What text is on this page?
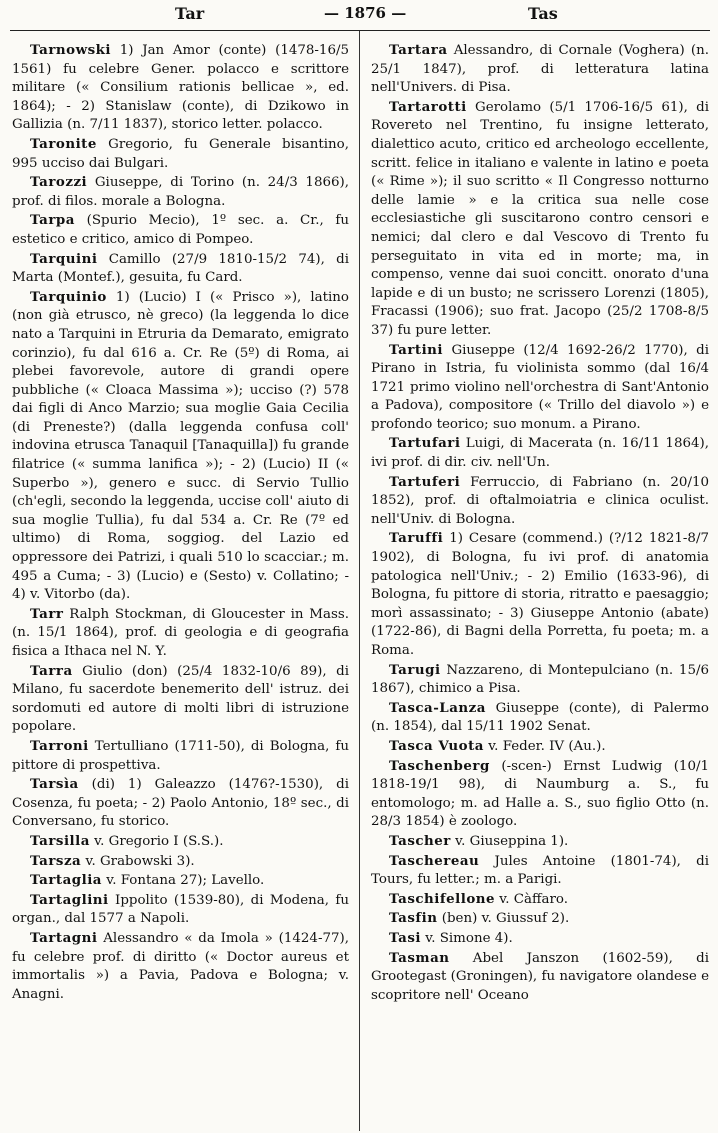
Tar	— 1876 —	Tas

Tarnowski 1) Jan Amor (conte) (1478-16/5 1561) fu celebre Gener. polacco e scrittore militare (« Consilium rationis bellicae », ed. 1864); - 2) Stanislaw (conte), di Dzikowo in Gallizia (n. 7/11 1837), storico letter. polacco.

Taronite Gregorio, fu Generale bisantino, 995 ucciso dai Bulgari.

Tarozzi Giuseppe, di Torino (n. 24/3 1866), prof. di filos. morale a Bologna.

Tarpa (Spurio Mecio), 1º sec. a. Cr., fu estetico e critico, amico di Pompeo.

Tarquini Camillo (27/9 1810-15/2 74), di Marta (Montef.), gesuita, fu Card.

Tarquinio 1) (Lucio) I (« Prisco »), latino (non già etrusco, nè greco) (la leggenda lo dice nato a Tarquini in Etruria da Demarato, emigrato corinzio), fu dal 616 a. Cr. Re (5º) di Roma, ai plebei favorevole, autore di grandi opere pubbliche (« Cloaca Massima »); ucciso (?) 578 dai figli di Anco Marzio; sua moglie Gaia Cecilia (di Preneste?) (dalla leggenda confusa coll' indovina etrusca Tanaquil [Tanaquilla]) fu grande filatrice (« summa lanifica »); - 2) (Lucio) II (« Superbo »), genero e succ. di Servio Tullio (ch'egli, secondo la leggenda, uccise coll' aiuto di sua moglie Tullia), fu dal 534 a. Cr. Re (7º ed ultimo) di Roma, soggiog. del Lazio ed oppressore dei Patrizi, i quali 510 lo scacciar.; m. 495 a Cuma; - 3) (Lucio) e (Sesto) v. Collatino; - 4) v. Vitorbo (da).

Tarr Ralph Stockman, di Gloucester in Mass. (n. 15/1 1864), prof. di geologia e di geografia fisica a Ithaca nel N. Y.

Tarra Giulio (don) (25/4 1832-10/6 89), di Milano, fu sacerdote benemerito dell' istruz. dei sordomuti ed autore di molti libri di istruzione popolare.

Tarroni Tertulliano (1711-50), di Bologna, fu pittore di prospettiva.

Tarsìa (di) 1) Galeazzo (1476?-1530), di Cosenza, fu poeta; - 2) Paolo Antonio, 18º sec., di Conversano, fu storico.

Tarsilla v. Gregorio I (S.S.).

Tarsza v. Grabowski 3).

Tartaglia v. Fontana 27); Lavello.

Tartaglini Ippolito (1539-80), di Modena, fu organ., dal 1577 a Napoli.

Tartagni Alessandro « da Imola » (1424-77), fu celebre prof. di diritto (« Doctor aureus et immortalis ») a Pavia, Padova e Bologna; v. Anagni.

Tartara Alessandro, di Cornale (Voghera) (n. 25/1 1847), prof. di letteratura latina nell'Univers. di Pisa.

Tartarotti Gerolamo (5/1 1706-16/5 61), di Rovereto nel Trentino, fu insigne letterato, dialettico acuto, critico ed archeologo eccellente, scritt. felice in italiano e valente in latino e poeta (« Rime »); il suo scritto « Il Congresso notturno delle lamie » e la critica sua nelle cose ecclesiastiche gli suscitarono contro censori e nemici; dal clero e dal Vescovo di Trento fu perseguitato in vita ed in morte; ma, in compenso, venne dai suoi concitt. onorato d'una lapide e di un busto; ne scrissero Lorenzi (1805), Fracassi (1906); suo frat. Jacopo (25/2 1708-8/5 37) fu pure letter.

Tartini Giuseppe (12/4 1692-26/2 1770), di Pirano in Istria, fu violinista sommo (dal 16/4 1721 primo violino nell'orchestra di Sant'Antonio a Padova), compositore (« Trillo del diavolo ») e profondo teorico; suo monum. a Pirano.

Tartufari Luigi, di Macerata (n. 16/11 1864), ivi prof. di dir. civ. nell'Un.

Tartuferi Ferruccio, di Fabriano (n. 20/10 1852), prof. di oftalmoiatria e clinica oculist. nell'Univ. di Bologna.

Taruffi 1) Cesare (commend.) (?/12 1821-8/7 1902), di Bologna, fu ivi prof. di anatomia patologica nell'Univ.; - 2) Emilio (1633-96), di Bologna, fu pittore di storia, ritratto e paesaggio; morì assassinato; - 3) Giuseppe Antonio (abate) (1722-86), di Bagni della Porretta, fu poeta; m. a Roma.

Tarugi Nazzareno, di Montepulciano (n. 15/6 1867), chimico a Pisa.

Tasca-Lanza Giuseppe (conte), di Palermo (n. 1854), dal 15/11 1902 Senat.

Tasca Vuota v. Feder. IV (Au.).

Taschenberg (-scen-) Ernst Ludwig (10/1 1818-19/1 98), di Naumburg a. S., fu entomologo; m. ad Halle a. S., suo figlio Otto (n. 28/3 1854) è zoologo.

Tascher v. Giuseppina 1).

Taschereau Jules Antoine (1801-74), di Tours, fu letter.; m. a Parigi.

Taschifellone v. Càffaro.

Tasfin (ben) v. Giussuf 2).

Tasi v. Simone 4).

Tasman Abel Janszon (1602-59), di Grootegast (Groningen), fu navigatore olandese e scopritore nell' Oceano
